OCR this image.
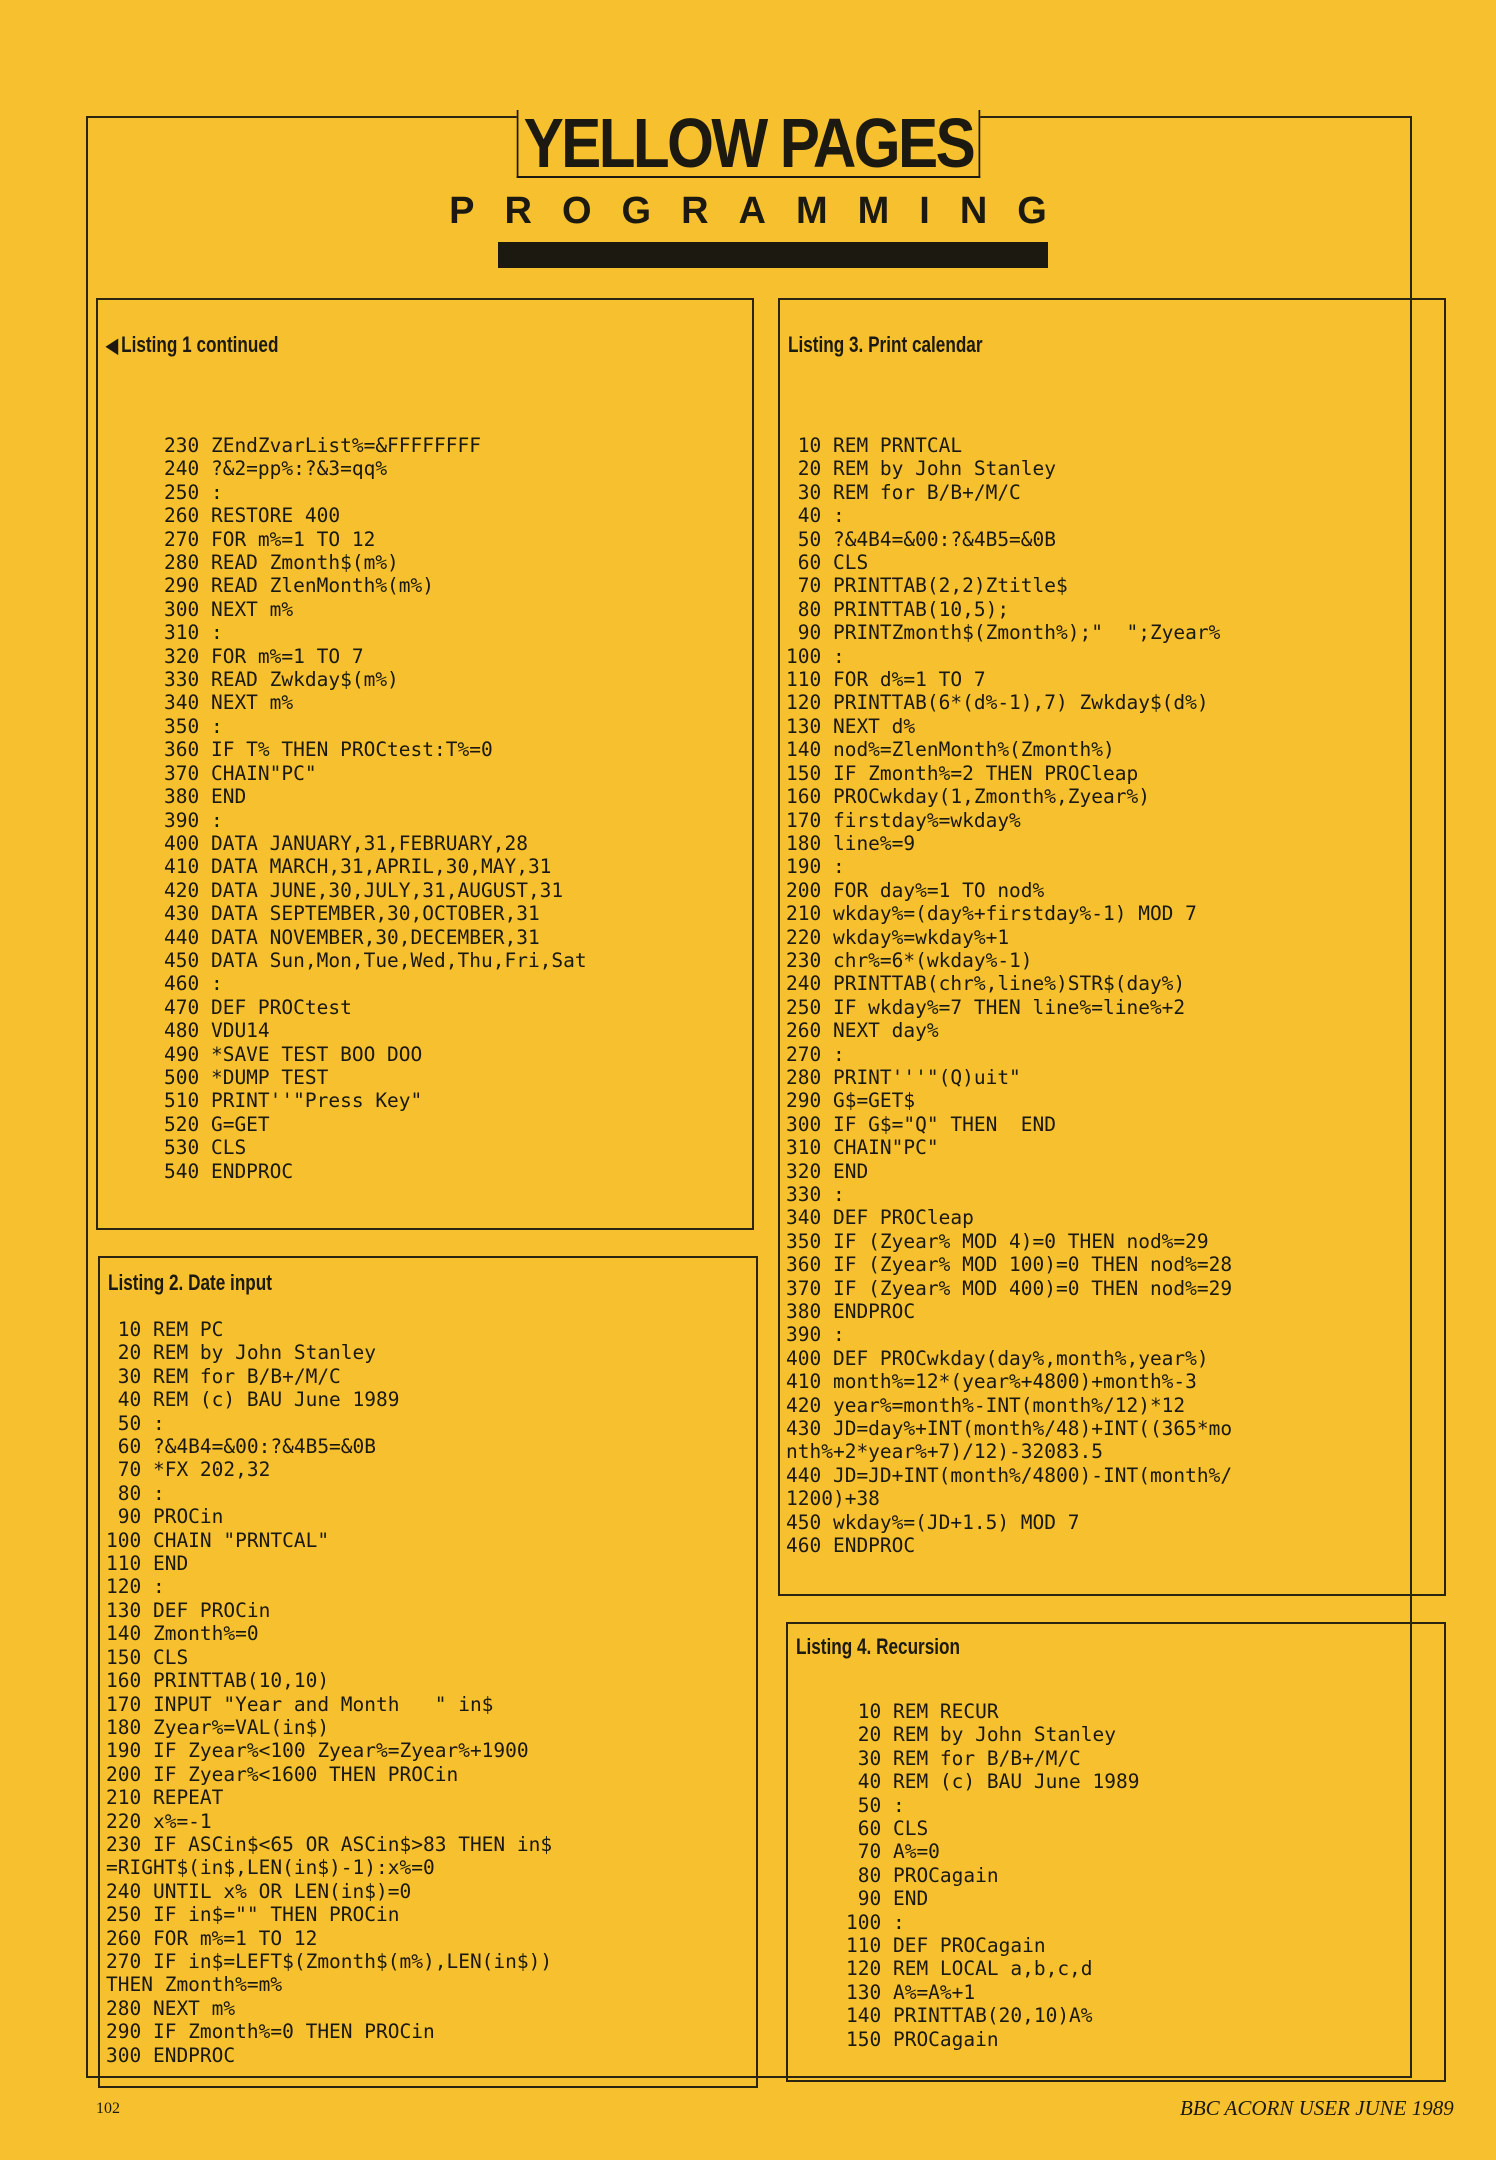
YELLOW PAGES
PROGRAMMING
◀ Listing 1 continued
230 ZEndZvarList%=&FFFFFFFF
240 ?&2=pp%:?&3=qq%
250 :
260 RESTORE 400
270 FOR m%=1 TO 12
280 READ Zmonth$(m%)
290 READ ZlenMonth%(m%)
300 NEXT m%
310 :
320 FOR m%=1 TO 7
330 READ Zwkday$(m%)
340 NEXT m%
350 :
360 IF T% THEN PROCtest:T%=0
370 CHAIN"PC"
380 END
390 :
400 DATA JANUARY,31,FEBRUARY,28
410 DATA MARCH,31,APRIL,30,MAY,31
420 DATA JUNE,30,JULY,31,AUGUST,31
430 DATA SEPTEMBER,30,OCTOBER,31
440 DATA NOVEMBER,30,DECEMBER,31
450 DATA Sun,Mon,Tue,Wed,Thu,Fri,Sat
460 :
470 DEF PROCtest
480 VDU14
490 *SAVE TEST BOO DOO
500 *DUMP TEST
510 PRINT''"Press Key"
520 G=GET
530 CLS
540 ENDPROC

Listing 2. Date input
10 REM PC
20 REM by John Stanley
30 REM for B/B+/M/C
40 REM (c) BAU June 1989
50 :
60 ?&4B4=&00:?&4B5=&0B
70 *FX 202,32
80 :
90 PROCin
100 CHAIN "PRNTCAL"
110 END
120 :
130 DEF PROCin
140 Zmonth%=0
150 CLS
160 PRINTTAB(10,10)
170 INPUT "Year and Month   " in$
180 Zyear%=VAL(in$)
190 IF Zyear%<100 Zyear%=Zyear%+1900
200 IF Zyear%<1600 THEN PROCin
210 REPEAT
220 x%=-1
230 IF ASCin$<65 OR ASCin$>83 THEN in$
=RIGHT$(in$,LEN(in$)-1):x%=0
240 UNTIL x% OR LEN(in$)=0
250 IF in$="" THEN PROCin
260 FOR m%=1 TO 12
270 IF in$=LEFT$(Zmonth$(m%),LEN(in$))
THEN Zmonth%=m%
280 NEXT m%
290 IF Zmonth%=0 THEN PROCin
300 ENDPROC

Listing 3. Print calendar
10 REM PRNTCAL
20 REM by John Stanley
30 REM for B/B+/M/C
40 :
50 ?&4B4=&00:?&4B5=&0B
60 CLS
70 PRINTTAB(2,2)Ztitle$
80 PRINTTAB(10,5);
90 PRINTZmonth$(Zmonth%);"  ";Zyear%
100 :
110 FOR d%=1 TO 7
120 PRINTTAB(6*(d%-1),7) Zwkday$(d%)
130 NEXT d%
140 nod%=ZlenMonth%(Zmonth%)
150 IF Zmonth%=2 THEN PROCleap
160 PROCwkday(1,Zmonth%,Zyear%)
170 firstday%=wkday%
180 line%=9
190 :
200 FOR day%=1 TO nod%
210 wkday%=(day%+firstday%-1) MOD 7
220 wkday%=wkday%+1
230 chr%=6*(wkday%-1)
240 PRINTTAB(chr%,line%)STR$(day%)
250 IF wkday%=7 THEN line%=line%+2
260 NEXT day%
270 :
280 PRINT'''"(Q)uit"
290 G$=GET$
300 IF G$="Q" THEN  END
310 CHAIN"PC"
320 END
330 :
340 DEF PROCleap
350 IF (Zyear% MOD 4)=0 THEN nod%=29
360 IF (Zyear% MOD 100)=0 THEN nod%=28
370 IF (Zyear% MOD 400)=0 THEN nod%=29
380 ENDPROC
390 :
400 DEF PROCwkday(day%,month%,year%)
410 month%=12*(year%+4800)+month%-3
420 year%=month%-INT(month%/12)*12
430 JD=day%+INT(month%/48)+INT((365*mo
nth%+2*year%+7)/12)-32083.5
440 JD=JD+INT(month%/4800)-INT(month%/
1200)+38
450 wkday%=(JD+1.5) MOD 7
460 ENDPROC

Listing 4. Recursion
10 REM RECUR
20 REM by John Stanley
30 REM for B/B+/M/C
40 REM (c) BAU June 1989
50 :
60 CLS
70 A%=0
80 PROCagain
90 END
100 :
110 DEF PROCagain
120 REM LOCAL a,b,c,d
130 A%=A%+1
140 PRINTTAB(20,10)A%
150 PROCagain

102	BBC ACORN USER JUNE 1989
